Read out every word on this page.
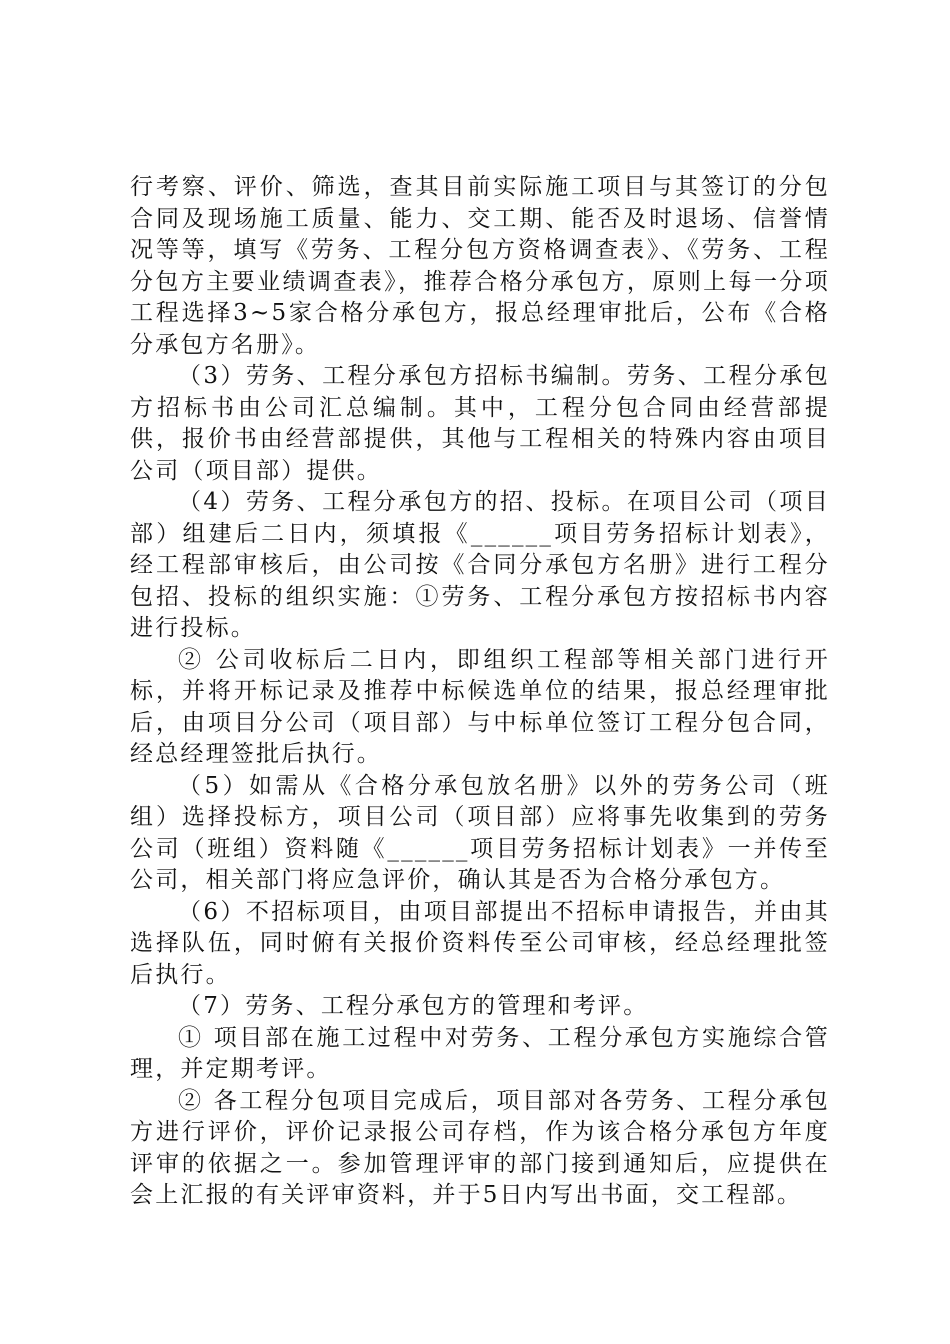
行考察、评价、筛选，查其目前实际施工项目与其签订的分包合同及现场施工质量、能力、交工期、能否及时退场、信誉情况等等，填写《劳务、工程分包方资格调查表》、《劳务、工程分包方主要业绩调查表》，推荐合格分承包方，原则上每一分项工程选择3~5家合格分承包方，报总经理审批后，公布《合格分承包方名册》。

（3）劳务、工程分承包方招标书编制。劳务、工程分承包方招标书由公司汇总编制。其中，工程分包合同由经营部提供，报价书由经营部提供，其他与工程相关的特殊内容由项目公司（项目部）提供。

（4）劳务、工程分承包方的招、投标。在项目公司（项目部）组建后二日内，须填报《______项目劳务招标计划表》，经工程部审核后，由公司按《合同分承包方名册》进行工程分包招、投标的组织实施：①劳务、工程分承包方按招标书内容进行投标。

② 公司收标后二日内，即组织工程部等相关部门进行开标，并将开标记录及推荐中标候选单位的结果，报总经理审批后，由项目分公司（项目部）与中标单位签订工程分包合同，经总经理签批后执行。

（5）如需从《合格分承包放名册》以外的劳务公司（班组）选择投标方，项目公司（项目部）应将事先收集到的劳务公司（班组）资料随《______项目劳务招标计划表》一并传至公司，相关部门将应急评价，确认其是否为合格分承包方。

（6）不招标项目，由项目部提出不招标申请报告，并由其选择队伍，同时俯有关报价资料传至公司审核，经总经理批签后执行。

（7）劳务、工程分承包方的管理和考评。

① 项目部在施工过程中对劳务、工程分承包方实施综合管理，并定期考评。

② 各工程分包项目完成后，项目部对各劳务、工程分承包方进行评价，评价记录报公司存档，作为该合格分承包方年度评审的依据之一。参加管理评审的部门接到通知后，应提供在会上汇报的有关评审资料，并于5日内写出书面，交工程部。
